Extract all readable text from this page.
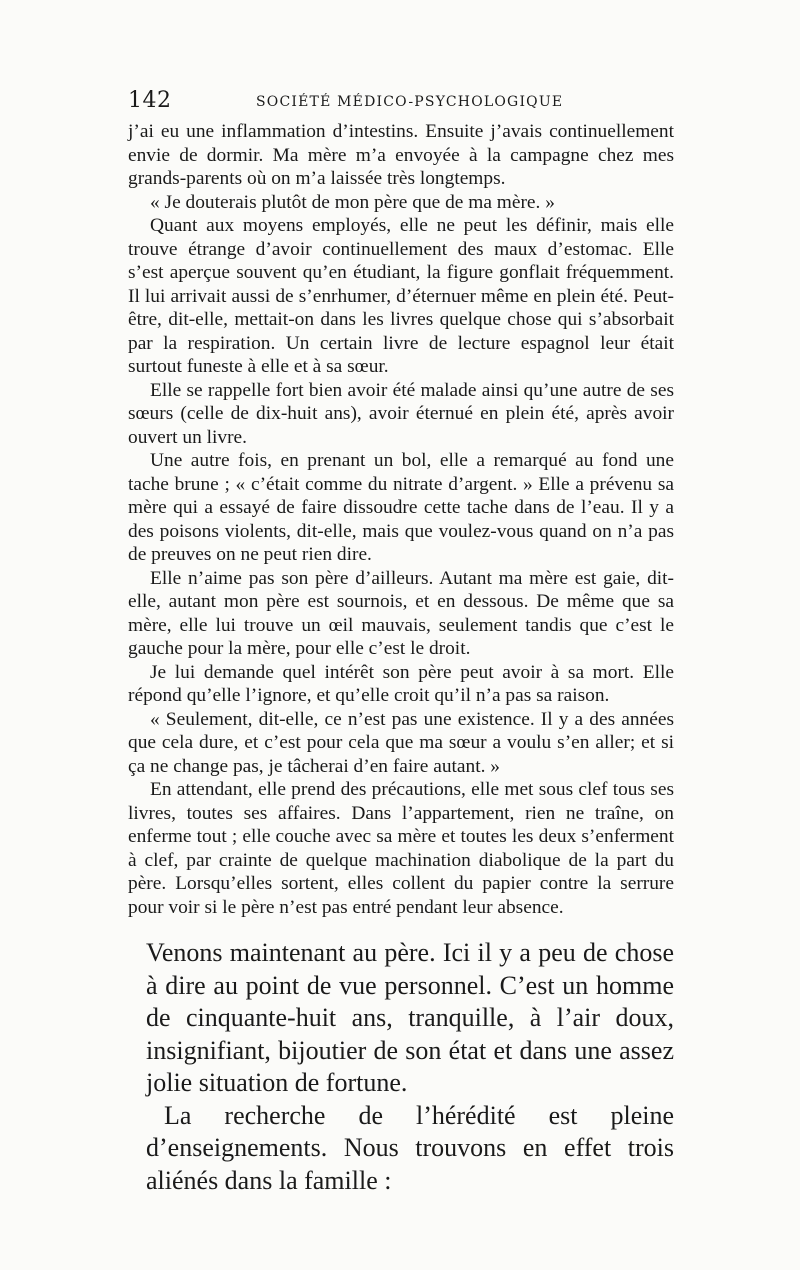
142	SOCIÉTÉ MÉDICO-PSYCHOLOGIQUE

j’ai eu une inflammation d’intestins. Ensuite j’avais continuellement envie de dormir. Ma mère m’a envoyée à la campagne chez mes grands-parents où on m’a laissée très longtemps.

« Je douterais plutôt de mon père que de ma mère. »

Quant aux moyens employés, elle ne peut les définir, mais elle trouve étrange d’avoir continuellement des maux d’estomac. Elle s’est aperçue souvent qu’en étudiant, la figure gonflait fréquemment. Il lui arrivait aussi de s’enrhumer, d’éternuer même en plein été. Peut-être, dit-elle, mettait-on dans les livres quelque chose qui s’absorbait par la respiration. Un certain livre de lecture espagnol leur était surtout funeste à elle et à sa sœur.

Elle se rappelle fort bien avoir été malade ainsi qu’une autre de ses sœurs (celle de dix-huit ans), avoir éternué en plein été, après avoir ouvert un livre.

Une autre fois, en prenant un bol, elle a remarqué au fond une tache brune ; « c’était comme du nitrate d’argent. » Elle a prévenu sa mère qui a essayé de faire dissoudre cette tache dans de l’eau. Il y a des poisons violents, dit-elle, mais que voulez-vous quand on n’a pas de preuves on ne peut rien dire.

Elle n’aime pas son père d’ailleurs. Autant ma mère est gaie, dit-elle, autant mon père est sournois, et en dessous. De même que sa mère, elle lui trouve un œil mauvais, seulement tandis que c’est le gauche pour la mère, pour elle c’est le droit.

Je lui demande quel intérêt son père peut avoir à sa mort. Elle répond qu’elle l’ignore, et qu’elle croit qu’il n’a pas sa raison.

« Seulement, dit-elle, ce n’est pas une existence. Il y a des années que cela dure, et c’est pour cela que ma sœur a voulu s’en aller; et si ça ne change pas, je tâcherai d’en faire autant. »

En attendant, elle prend des précautions, elle met sous clef tous ses livres, toutes ses affaires. Dans l’appartement, rien ne traîne, on enferme tout ; elle couche avec sa mère et toutes les deux s’enferment à clef, par crainte de quelque machination diabolique de la part du père. Lorsqu’elles sortent, elles collent du papier contre la serrure pour voir si le père n’est pas entré pendant leur absence.

Venons maintenant au père. Ici il y a peu de chose à dire au point de vue personnel. C’est un homme de cinquante-huit ans, tranquille, à l’air doux, insignifiant, bijoutier de son état et dans une assez jolie situation de fortune.

La recherche de l’hérédité est pleine d’enseignements. Nous trouvons en effet trois aliénés dans la famille :
